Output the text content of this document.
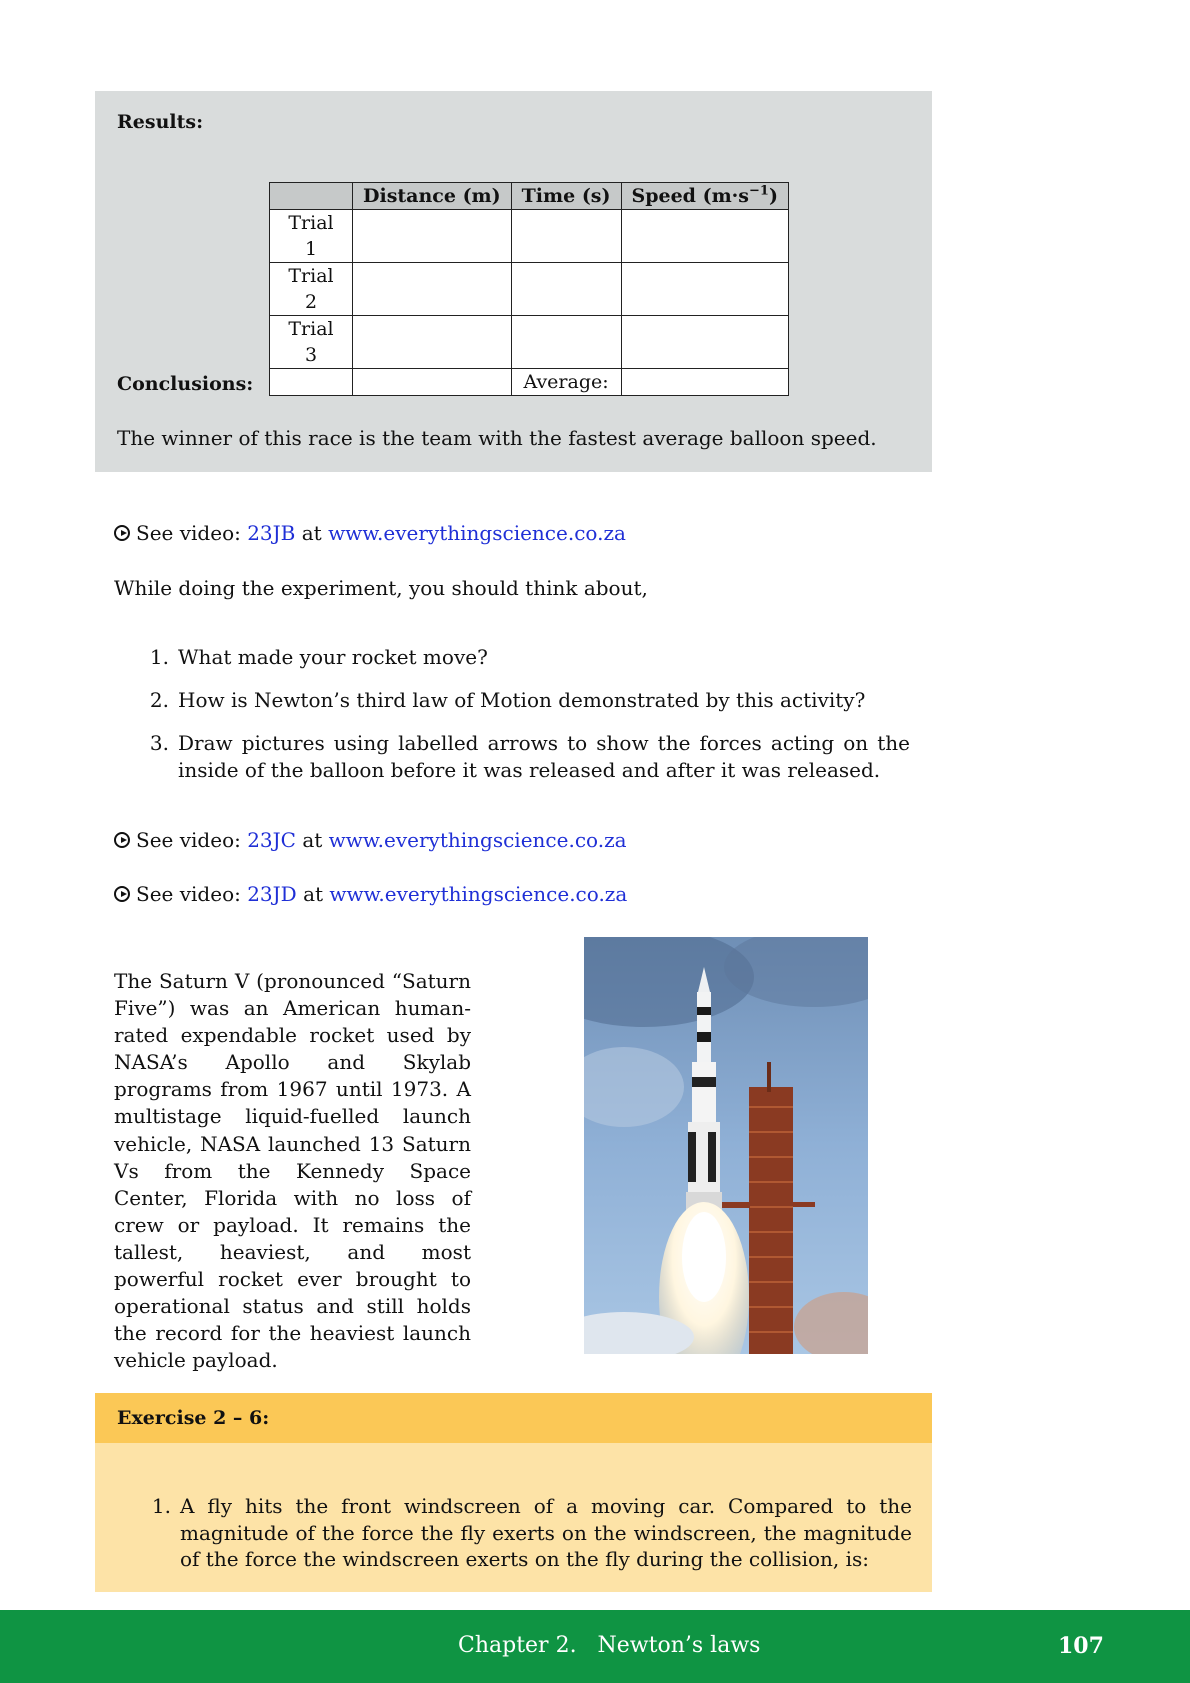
Results:
	Distance (m)	Time (s)	Speed $(m\cdot s^{-1})$
Trial 1			
Trial 2			
Trial 3			
		Average:	
Conclusions:
The winner of this race is the team with the fastest average balloon speed.
See video: 23JB at www.everythingscience.co.za
While doing the experiment, you should think about,
1. What made your rocket move?
2. How is Newton’s third law of Motion demonstrated by this activity?
3. Draw pictures using labelled arrows to show the forces acting on the inside of the balloon before it was released and after it was released.
See video: 23JC at www.everythingscience.co.za
See video: 23JD at www.everythingscience.co.za
The Saturn V (pronounced “Saturn Five”) was an American human-rated expendable rocket used by NASA’s Apollo and Skylab programs from 1967 until 1973. A multistage liquid-fuelled launch vehicle, NASA launched 13 Saturn Vs from the Kennedy Space Center, Florida with no loss of crew or payload. It remains the tallest, heaviest, and most powerful rocket ever brought to operational status and still holds the record for the heaviest launch vehicle payload.
Exercise 2 – 6:
1. A fly hits the front windscreen of a moving car. Compared to the magnitude of the force the fly exerts on the windscreen, the magnitude of the force the windscreen exerts on the fly during the collision, is:
Chapter 2.   Newton’s laws	107
